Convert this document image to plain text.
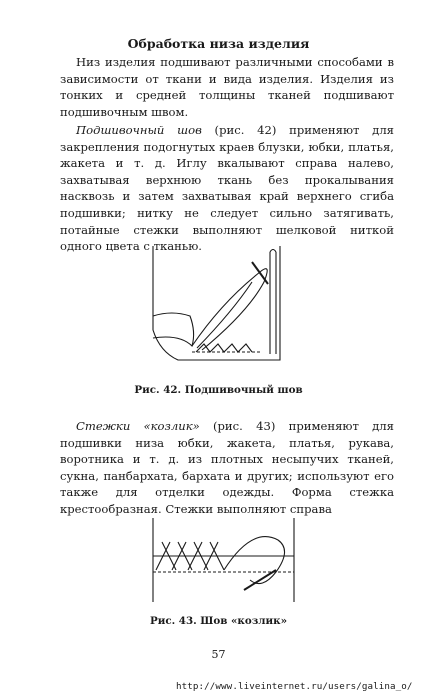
Обработка низа изделия

Низ изделия подшивают различными способами в зависимости от ткани и вида изделия. Изделия из тонких и средней толщины тканей подшивают подшивочным швом.

Подшивочный шов (рис. 42) применяют для закрепления подогнутых краев блузки, юбки, платья, жакета и т. д. Иглу вкалывают справа налево, захватывая верхнюю ткань без прокалывания насквозь и затем захватывая край верхнего сгиба подшивки; нитку не следует сильно затягивать, потайные стежки выполняют шелковой ниткой одного цвета с тканью.

Рис. 42. Подшивочный шов

Стежки «козлик» (рис. 43) применяют для подшивки низа юбки, жакета, платья, рукава, воротника и т. д. из плотных несыпучих тканей, сукна, панбархата, бархата и других; используют его также для отделки одежды. Форма стежка крестообразная. Стежки выполняют справа

Рис. 43. Шов «козлик»
57
http://www.liveinternet.ru/users/galina_o/
